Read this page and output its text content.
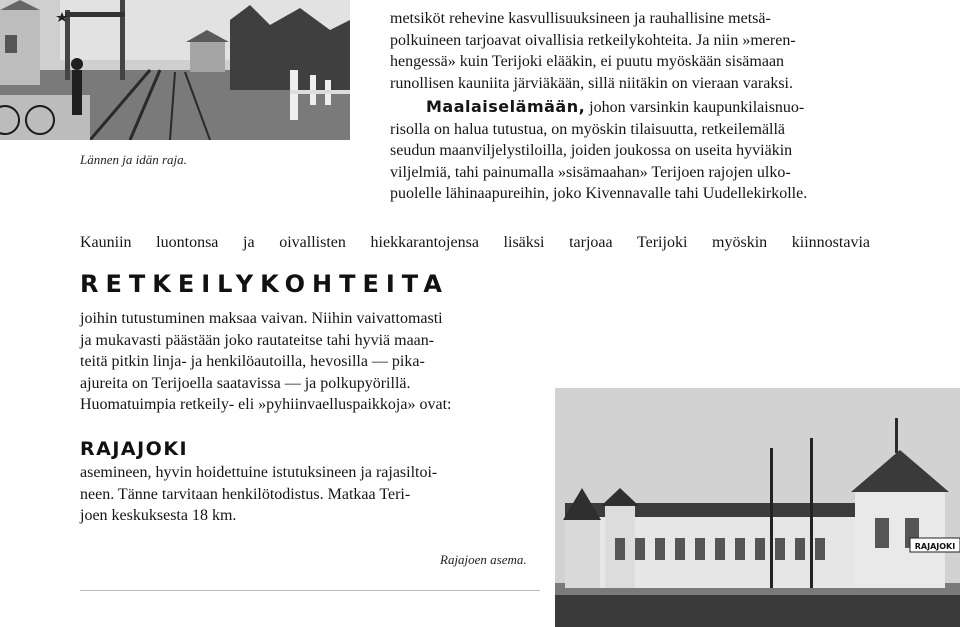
Lännen ja idän raja.

metsiköt rehevine kasvullisuuksineen ja rauhallisine metsä-

polkuineen tarjoavat oivallisia retkeilykohteita. Ja niin »meren-

hengessä» kuin Terijoki elääkin, ei puutu myöskään sisämaan

runollisen kauniita järviäkään, sillä niitäkin on vieraan varaksi.

Maalaiselämään, johon varsinkin kaupunkilaisnuo-

risolla on halua tutustua, on myöskin tilaisuutta, retkeilemällä

seudun maanviljelystiloilla, joiden joukossa on useita hyviäkin

viljelmiä, tahi painumalla »sisämaahan» Terijoen rajojen ulko-

puolelle lähinaapureihin, joko Kivennavalle tahi Uudellekirkolle.

Kauniin luontonsa ja oivallisten hiekkarantojensa lisäksi tarjoaa Terijoki myöskin kiinnostavia
RETKEILYKOHTEITA

joihin tutustuminen maksaa vaivan. Niihin vaivattomasti

ja mukavasti päästään joko rautateitse tahi hyviä maan-

teitä pitkin linja- ja henkilöautoilla, hevosilla — pika-

ajureita on Terijoella saatavissa — ja polkupyörillä.

Huomatuimpia retkeily- eli »pyhiinvaelluspaikkoja» ovat:

RAJAJOKI

asemineen, hyvin hoidettuine istutuksineen ja rajasiltoi-

neen. Tänne tarvitaan henkilötodistus. Matkaa Teri-

joen keskuksesta 18 km.

Rajajoen asema.
RAJAJOKI
